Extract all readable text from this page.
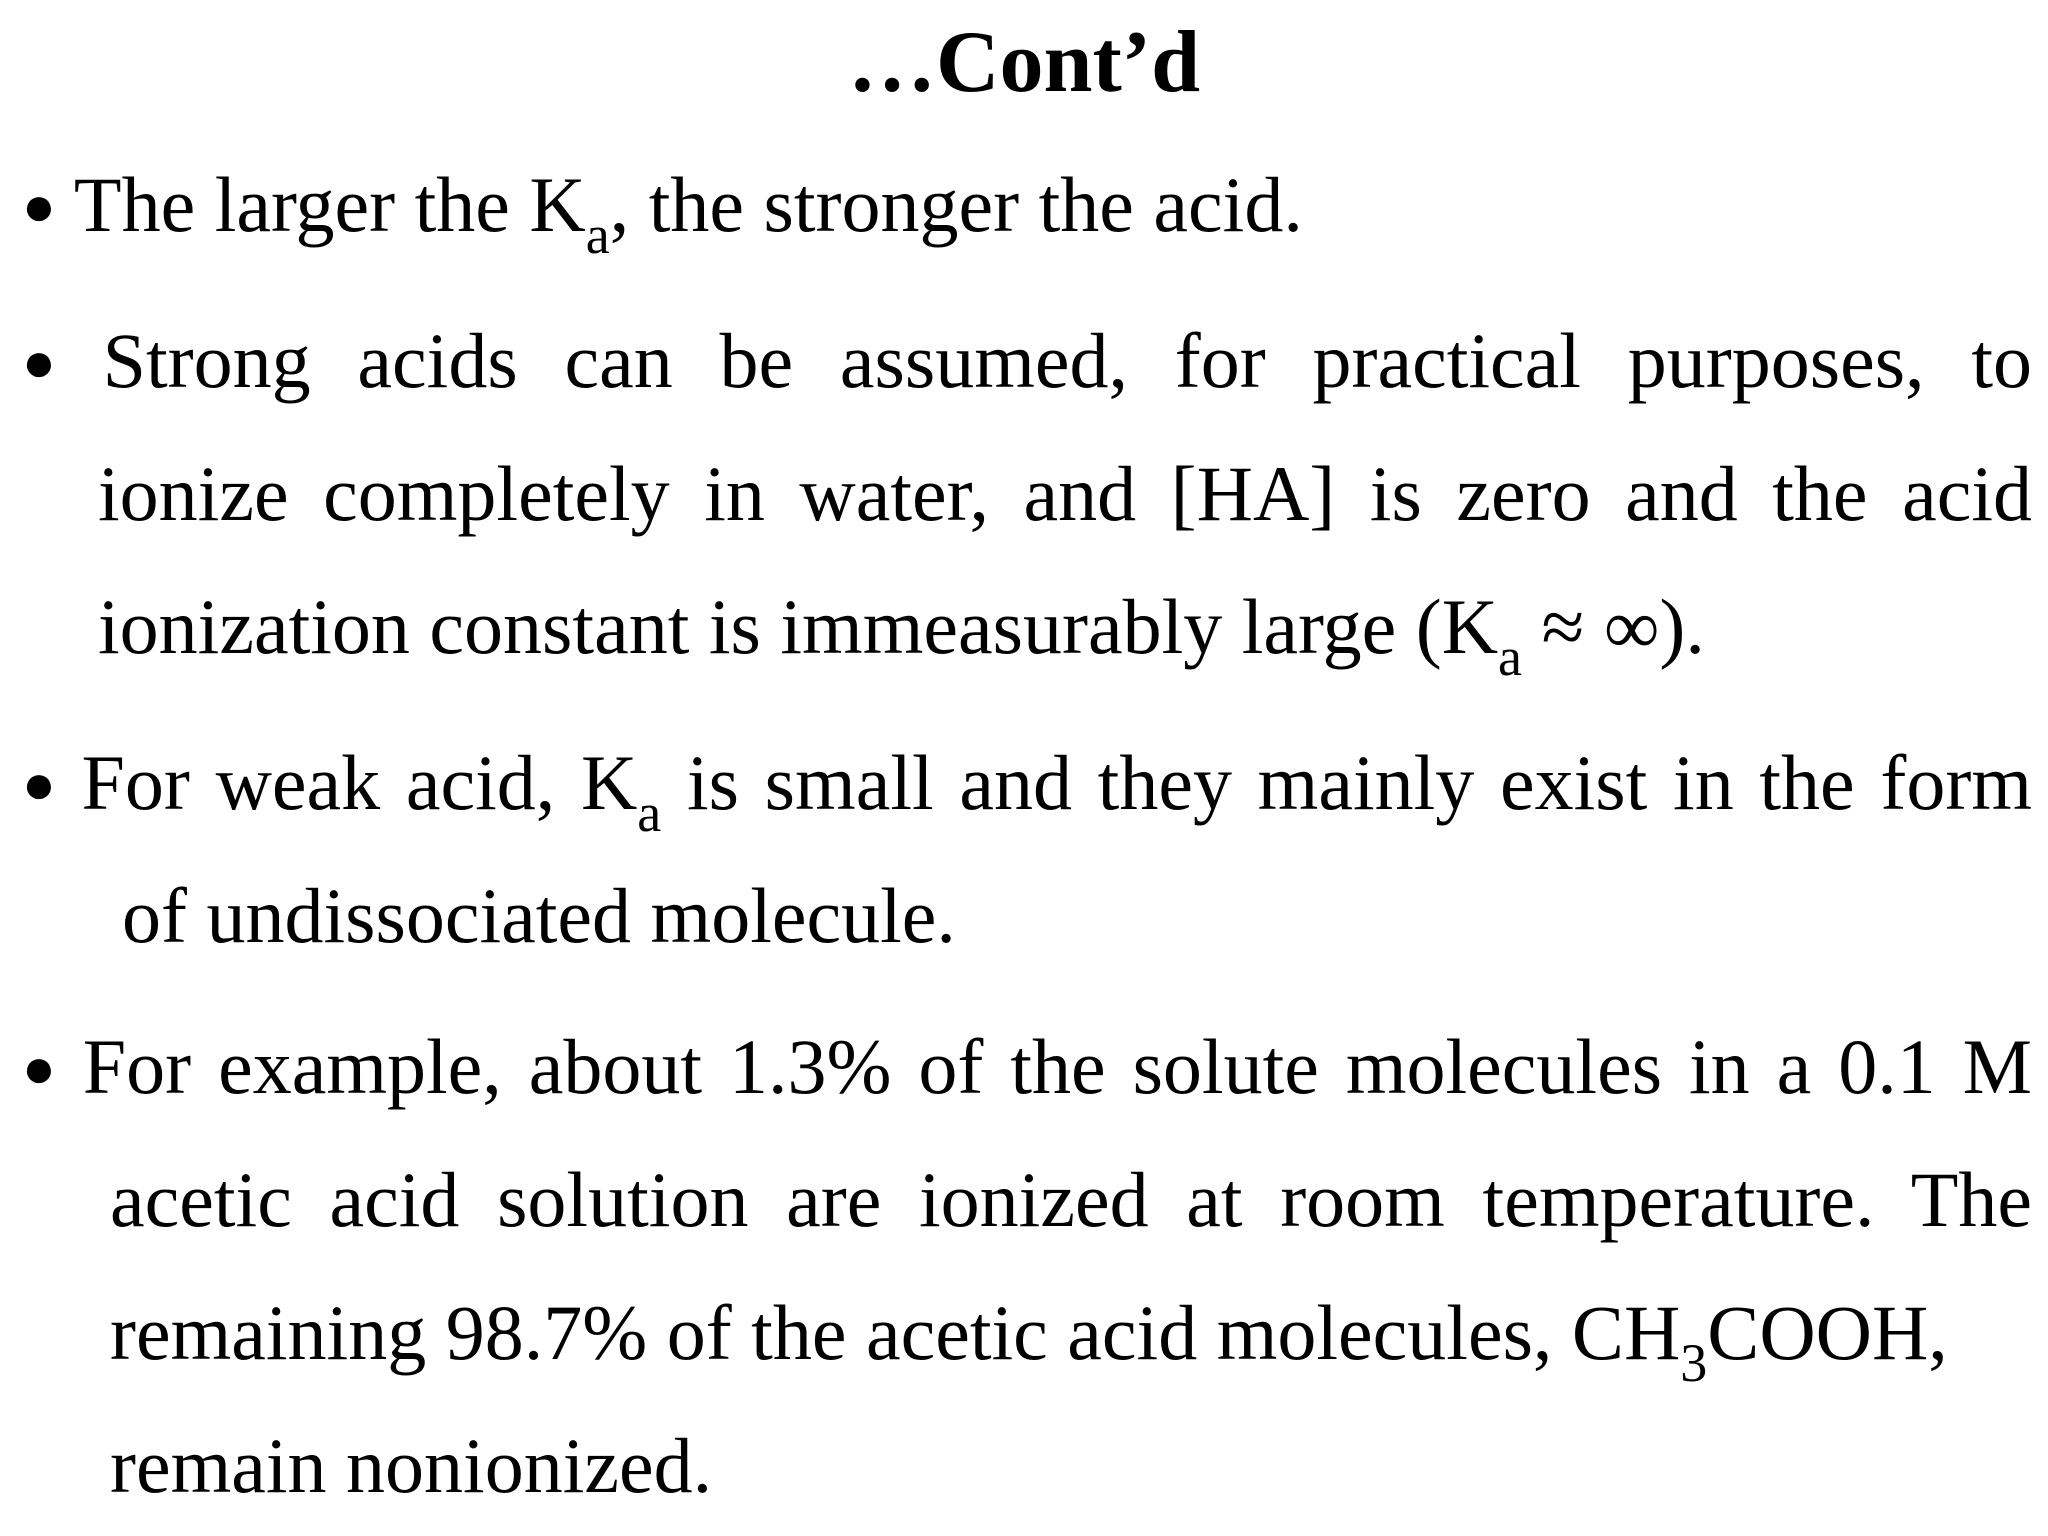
…Cont’d
● The larger the $K_a$, the stronger the acid.
● Strong acids can be assumed, for practical purposes, to
ionize completely in water, and [HA] is zero and the acid
ionization constant is immeasurably large ($K_a$ ≈ ∞).
● For weak acid, $K_a$ is small and they mainly exist in the form
of undissociated molecule.
● For example, about 1.3% of the solute molecules in a 0.1 M
acetic acid solution are ionized at room temperature. The
remaining 98.7% of the acetic acid molecules, $CH_3COOH$,
remain nonionized.
